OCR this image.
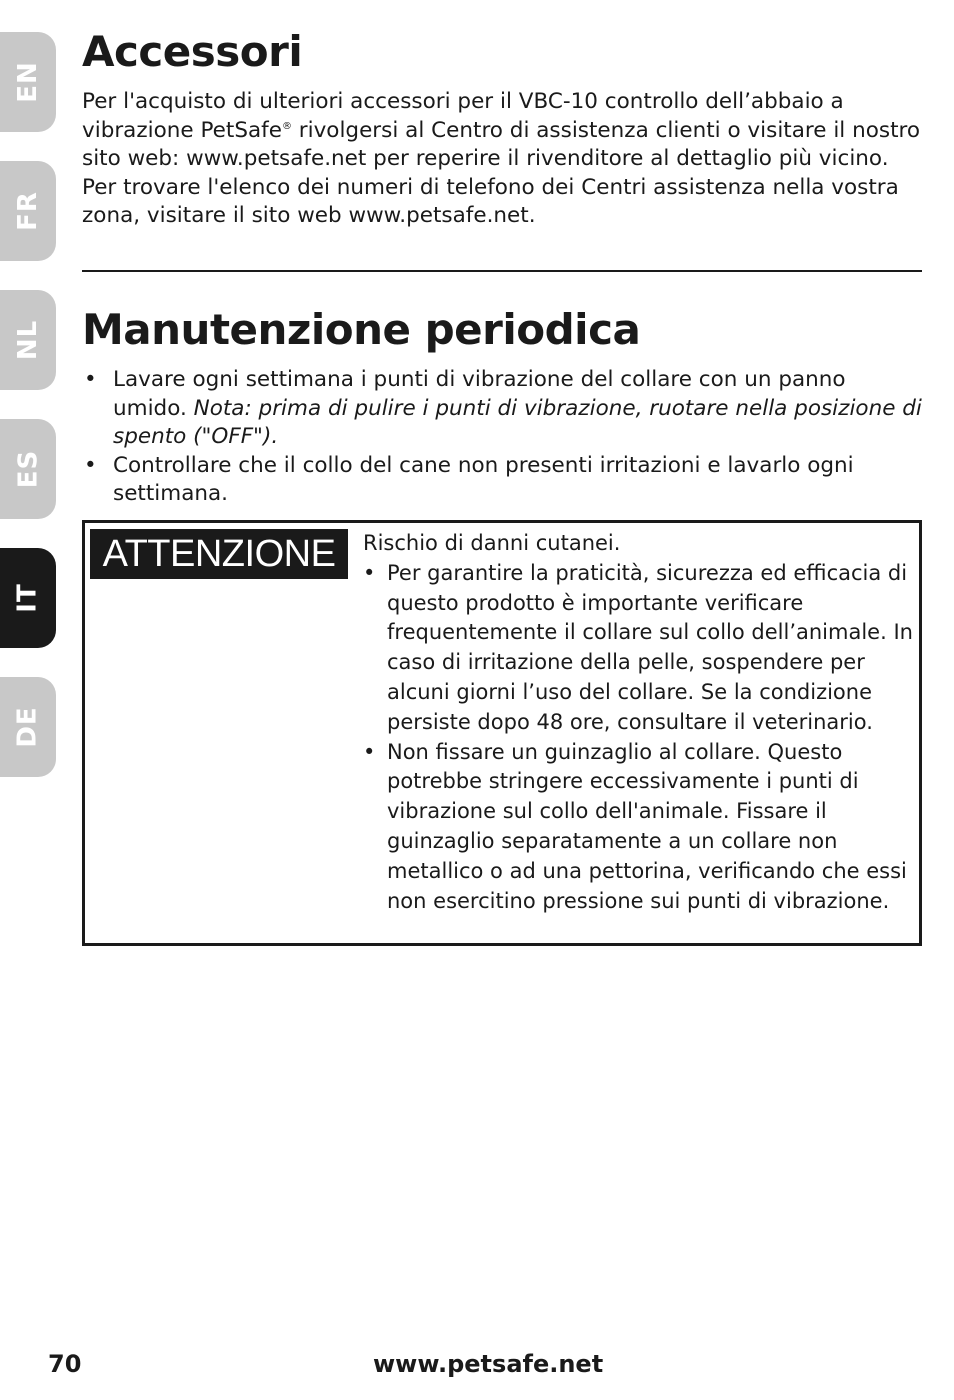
EN
FR
NL
ES
IT
DE
Accessori

Per l'acquisto di ulteriori accessori per il VBC-10 controllo dell’abbaio a vibrazione PetSafe® rivolgersi al Centro di assistenza clienti o visitare il nostro sito web: www.petsafe.net per reperire il rivenditore al dettaglio più vicino. Per trovare l'elenco dei numeri di telefono dei Centri assistenza nella vostra zona, visitare il sito web www.petsafe.net.

Manutenzione periodica
• Lavare ogni settimana i punti di vibrazione del collare con un panno umido. Nota: prima di pulire i punti di vibrazione, ruotare nella posizione di spento ("OFF").
• Controllare che il collo del cane non presenti irritazioni e lavarlo ogni settimana.
ATTENZIONE	Rischio di danni cutanei.
• Per garantire la praticità, sicurezza ed efficacia di questo prodotto è importante verificare frequentemente il collare sul collo dell’animale. In caso di irritazione della pelle, sospendere per alcuni giorni l’uso del collare. Se la condizione persiste dopo 48 ore, consultare il veterinario.
• Non fissare un guinzaglio al collare. Questo potrebbe stringere eccessivamente i punti di vibrazione sul collo dell'animale. Fissare il guinzaglio separatamente a un collare non metallico o ad una pettorina, verificando che essi non esercitino pressione sui punti di vibrazione.
70	www.petsafe.net
